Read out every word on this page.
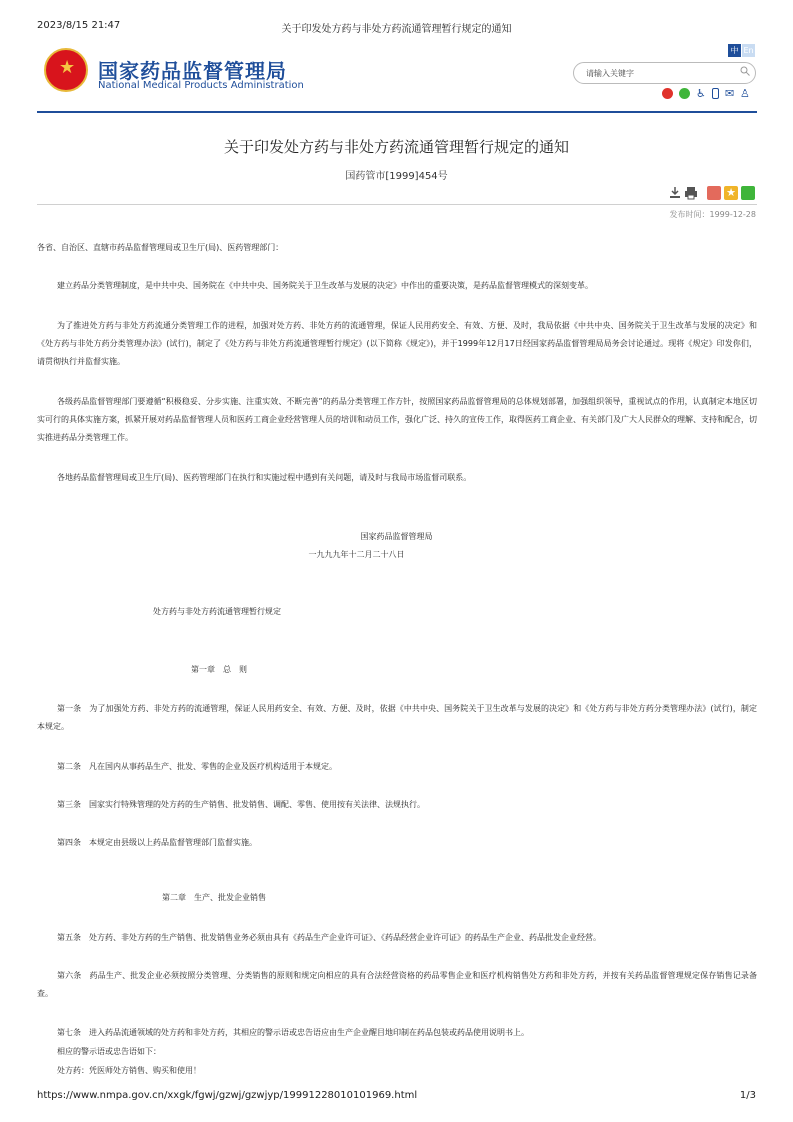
2023/8/15 21:47	关于印发处方药与非处方药流通管理暂行规定的通知
★
国家药品监督管理局
National Medical Products Administration
中 En
请输入关键字
♿ ✉ ♙
关于印发处方药与非处方药流通管理暂行规定的通知
国药管市[1999]454号
★
发布时间：1999-12-28
各省、自治区、直辖市药品监督管理局或卫生厅(局)、医药管理部门：
建立药品分类管理制度，是中共中央、国务院在《中共中央、国务院关于卫生改革与发展的决定》中作出的重要决策，是药品监督管理模式的深刻变革。
为了推进处方药与非处方药流通分类管理工作的进程，加强对处方药、非处方药的流通管理，保证人民用药安全、有效、方便、及时，我局依据《中共中央、国务院关于卫生改革与发展的决定》和《处方药与非处方药分类管理办法》(试行)，制定了《处方药与非处方药流通管理暂行规定》(以下简称《规定》)，并于1999年12月17日经国家药品监督管理局局务会讨论通过。现将《规定》印发你们，请贯彻执行并监督实施。
各级药品监督管理部门要遵循“积极稳妥、分步实施、注重实效、不断完善”的药品分类管理工作方针，按照国家药品监督管理局的总体规划部署，加强组织领导，重视试点的作用，认真制定本地区切实可行的具体实施方案，抓紧开展对药品监督管理人员和医药工商企业经营管理人员的培训和动员工作，强化广泛、持久的宣传工作，取得医药工商企业、有关部门及广大人民群众的理解、支持和配合，切实推进药品分类管理工作。
各地药品监督管理局或卫生厅(局)、医药管理部门在执行和实施过程中遇到有关问题，请及时与我局市场监督司联系。
国家药品监督管理局
一九九九年十二月二十八日
处方药与非处方药流通管理暂行规定
第一章　总　则
第一条　为了加强处方药、非处方药的流通管理，保证人民用药安全、有效、方便、及时，依据《中共中央、国务院关于卫生改革与发展的决定》和《处方药与非处方药分类管理办法》(试行)，制定本规定。
第二条　凡在国内从事药品生产、批发、零售的企业及医疗机构适用于本规定。
第三条　国家实行特殊管理的处方药的生产销售、批发销售、调配、零售、使用按有关法律、法规执行。
第四条　本规定由县级以上药品监督管理部门监督实施。
第二章　生产、批发企业销售
第五条　处方药、非处方药的生产销售、批发销售业务必须由具有《药品生产企业许可证》、《药品经营企业许可证》的药品生产企业、药品批发企业经营。
第六条　药品生产、批发企业必须按照分类管理、分类销售的原则和规定向相应的具有合法经营资格的药品零售企业和医疗机构销售处方药和非处方药，并按有关药品监督管理规定保存销售记录备查。
第七条　进入药品流通领域的处方药和非处方药，其相应的警示语或忠告语应由生产企业醒目地印制在药品包装或药品使用说明书上。
相应的警示语或忠告语如下：
处方药：凭医师处方销售、购买和使用！
https://www.nmpa.gov.cn/xxgk/fgwj/gzwj/gzwjyp/19991228010101969.html	1/3
